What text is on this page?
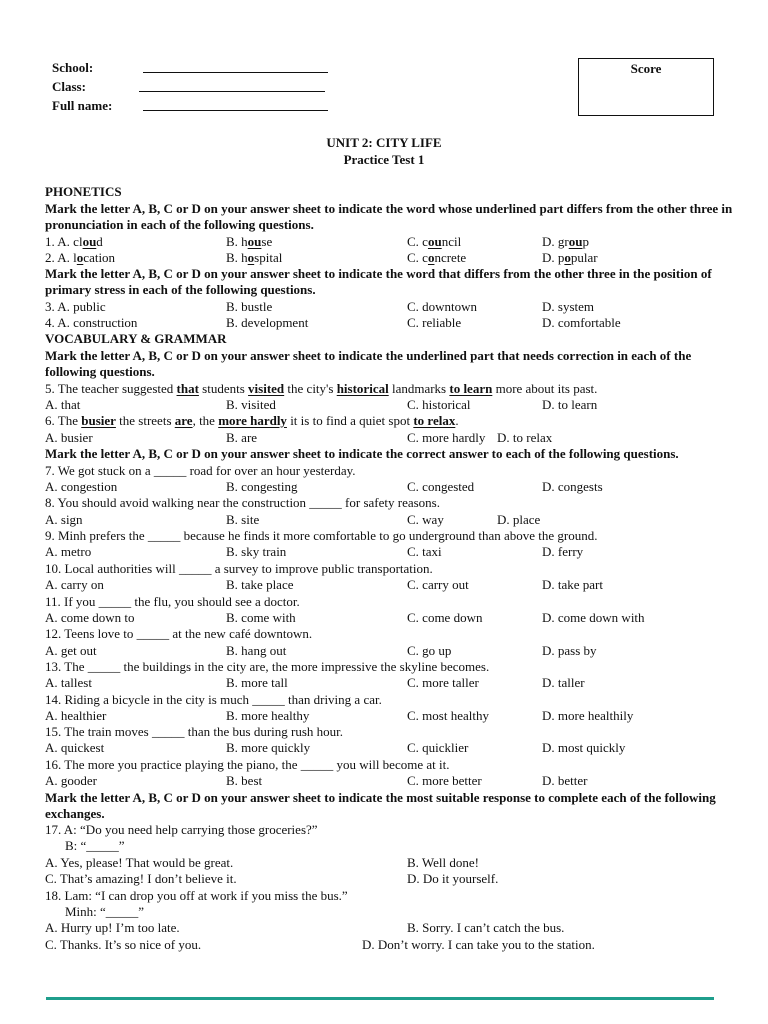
School:
Class:
Full name:
Score
UNIT 2: CITY LIFE
Practice Test 1
PHONETICS
Mark the letter A, B, C or D on your answer sheet to indicate the word whose underlined part differs from the other three in pronunciation in each of the following questions.
1. A. cloud	B. house	C. council	D. group
2. A. location	B. hospital	C. concrete	D. popular
Mark the letter A, B, C or D on your answer sheet to indicate the word that differs from the other three in the position of primary stress in each of the following questions.
3. A. public	B. bustle	C. downtown	D. system
4. A. construction	B. development	C. reliable	D. comfortable
VOCABULARY & GRAMMAR
Mark the letter A, B, C or D on your answer sheet to indicate the underlined part that needs correction in each of the following questions.
5. The teacher suggested that students visited the city's historical landmarks to learn more about its past.
A. that	B. visited	C. historical	D. to learn
6. The busier the streets are, the more hardly it is to find a quiet spot to relax.
A. busier	B. are	C. more hardly D. to relax
Mark the letter A, B, C or D on your answer sheet to indicate the correct answer to each of the following questions.
7. We got stuck on a _____ road for over an hour yesterday.
A. congestion	B. congesting	C. congested	D. congests
8. You should avoid walking near the construction _____ for safety reasons.
A. sign	B. site	C. way	D. place
9. Minh prefers the _____ because he finds it more comfortable to go underground than above the ground.
A. metro	B. sky train	C. taxi	D. ferry
10. Local authorities will _____ a survey to improve public transportation.
A. carry on	B. take place	C. carry out	D. take part
11. If you _____ the flu, you should see a doctor.
A. come down to	B. come with	C. come down	D. come down with
12. Teens love to _____ at the new café downtown.
A. get out	B. hang out	C. go up	D. pass by
13. The _____ the buildings in the city are, the more impressive the skyline becomes.
A. tallest	B. more tall	C. more taller	D. taller
14. Riding a bicycle in the city is much _____ than driving a car.
A. healthier	B. more healthy	C. most healthy	D. more healthily
15. The train moves _____ than the bus during rush hour.
A. quickest	B. more quickly	C. quicklier	D. most quickly
16. The more you practice playing the piano, the _____ you will become at it.
A. gooder	B. best	C. more better	D. better
Mark the letter A, B, C or D on your answer sheet to indicate the most suitable response to complete each of the following exchanges.
17. A: “Do you need help carrying those groceries?”
B: “_____”
A. Yes, please! That would be great.	B. Well done!
C. That’s amazing! I don’t believe it.	D. Do it yourself.
18. Lam: “I can drop you off at work if you miss the bus.”
Minh: “_____”
A. Hurry up! I’m too late.	B. Sorry. I can’t catch the bus.
C. Thanks. It’s so nice of you.	D. Don’t worry. I can take you to the station.
